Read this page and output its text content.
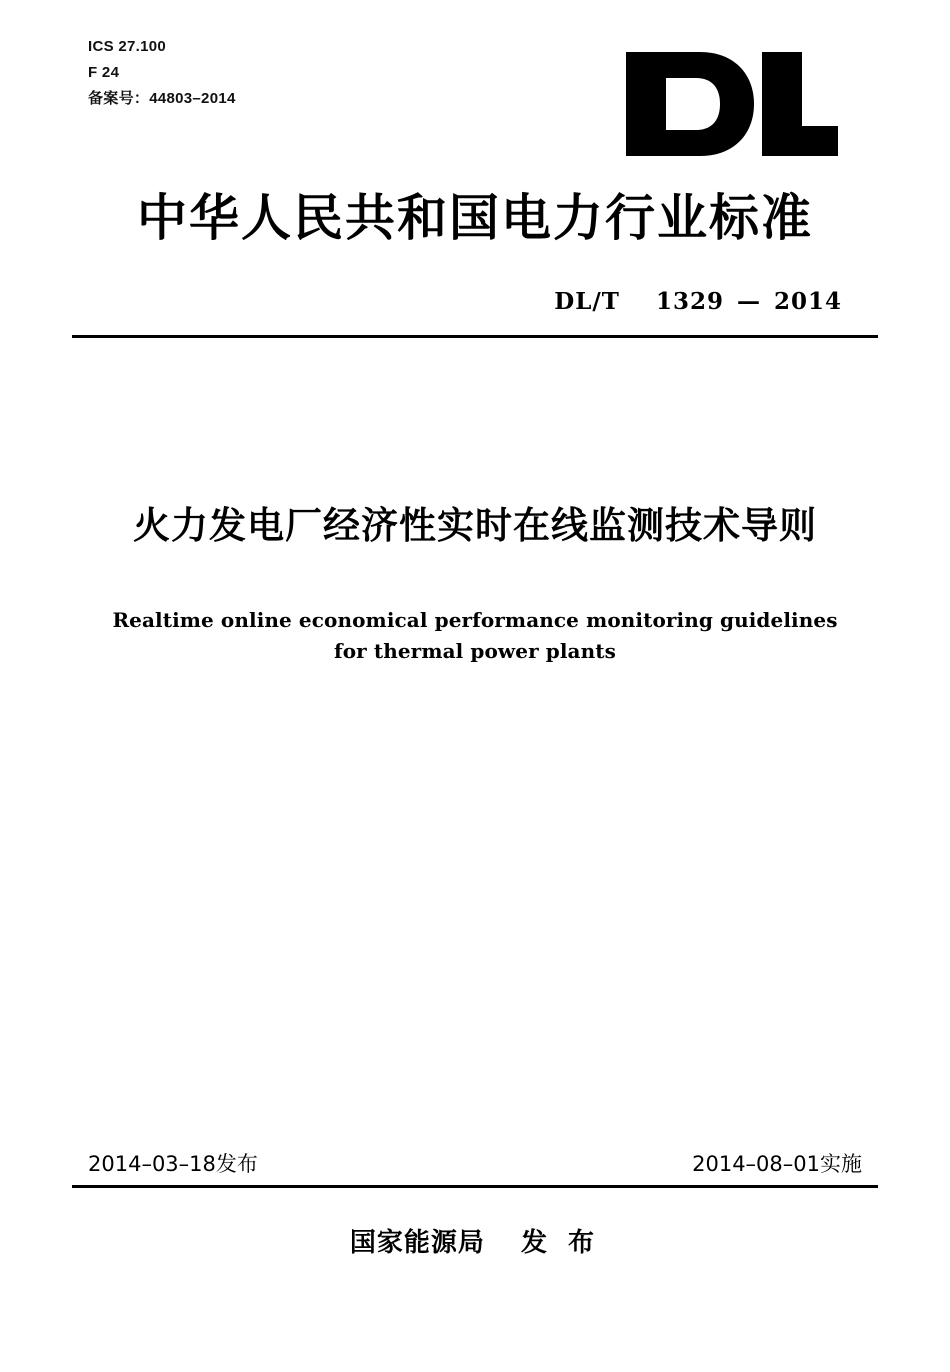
ICS 27.100
F 24
备案号：44803–2014
中华人民共和国电力行业标准
DL/T 1329 — 2014
火力发电厂经济性实时在线监测技术导则
Realtime online economical performance monitoring guidelines
for thermal power plants
2014–03–18发布	2014–08–01实施
国家能源局 发 布
